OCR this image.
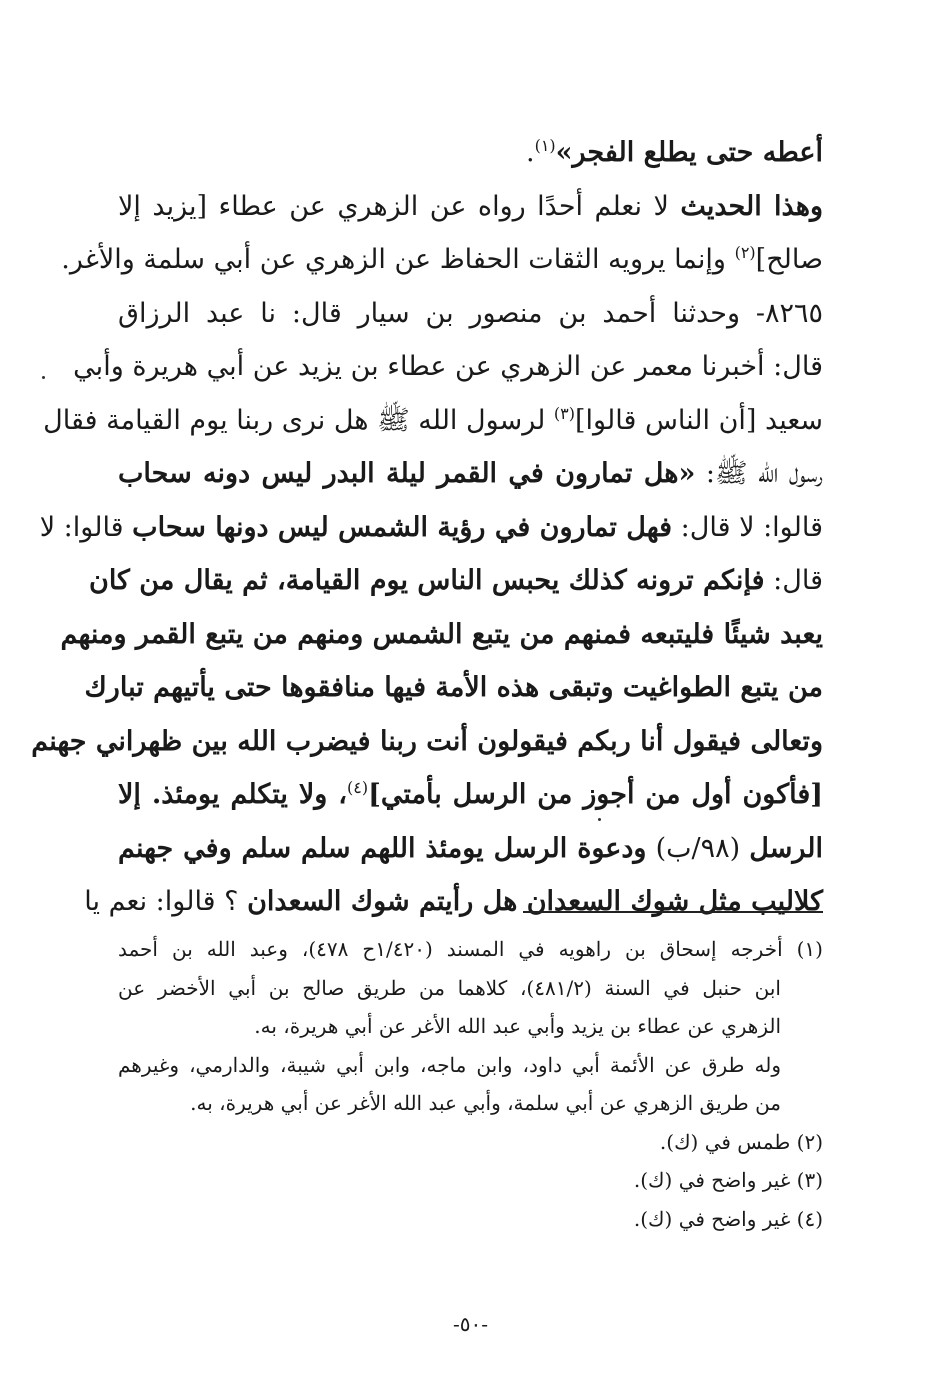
أعطه حتى يطلع الفجر»$^{(١)}$.
وهذا الحديث لا نعلم أحدًا رواه عن الزهري عن عطاء [يزيد إلا
صالح]$^{(٢)}$ وإنما يرويه الثقات الحفاظ عن الزهري عن أبي سلمة والأغر.
٨٢٦٥- وحدثنا أحمد بن منصور بن سيار قال: نا عبد الرزاق
قال: أخبرنا معمر عن الزهري عن عطاء بن يزيد عن أبي هريرة وأبي
سعيد [أن الناس قالوا]$^{(٣)}$ لرسول الله ﷺ هل نرى ربنا يوم القيامة فقال
رسول الله ﷺ: «هل تمارون في القمر ليلة البدر ليس دونه سحاب
قالوا: لا قال: فهل تمارون في رؤية الشمس ليس دونها سحاب قالوا: لا
قال: فإنكم ترونه كذلك يحبس الناس يوم القيامة، ثم يقال من كان
يعبد شيئًا فليتبعه فمنهم من يتبع الشمس ومنهم من يتبع القمر ومنهم
من يتبع الطواغيت وتبقى هذه الأمة فيها منافقوها حتى يأتيهم تبارك
وتعالى فيقول أنا ربكم فيقولون أنت ربنا فيضرب الله بين ظهراني جهنم
[فأكون أول من أجوز من الرسل بأمتي]$^{(٤)}$، ولا يتكلم يومئذ. إلا
الرسل (٩٨/ب) ودعوة الرسل يومئذ اللهم سلم سلم وفي جهنم
كلاليب مثل شوك السعدان هل رأيتم شوك السعدان ؟ قالوا: نعم يا
(١) أخرجه إسحاق بن راهويه في المسند (١/٤٢٠ح ٤٧٨)، وعبد الله بن أحمد
ابن حنبل في السنة (٤٨١/٢)، كلاهما من طريق صالح بن أبي الأخضر عن
الزهري عن عطاء بن يزيد وأبي عبد الله الأغر عن أبي هريرة، به.
وله طرق عن الأئمة أبي داود، وابن ماجه، وابن أبي شيبة، والدارمي، وغيرهم
من طريق الزهري عن أبي سلمة، وأبي عبد الله الأغر عن أبي هريرة، به.
(٢) طمس في (ك).
(٣) غير واضح في (ك).
(٤) غير واضح في (ك).
-٥٠-
